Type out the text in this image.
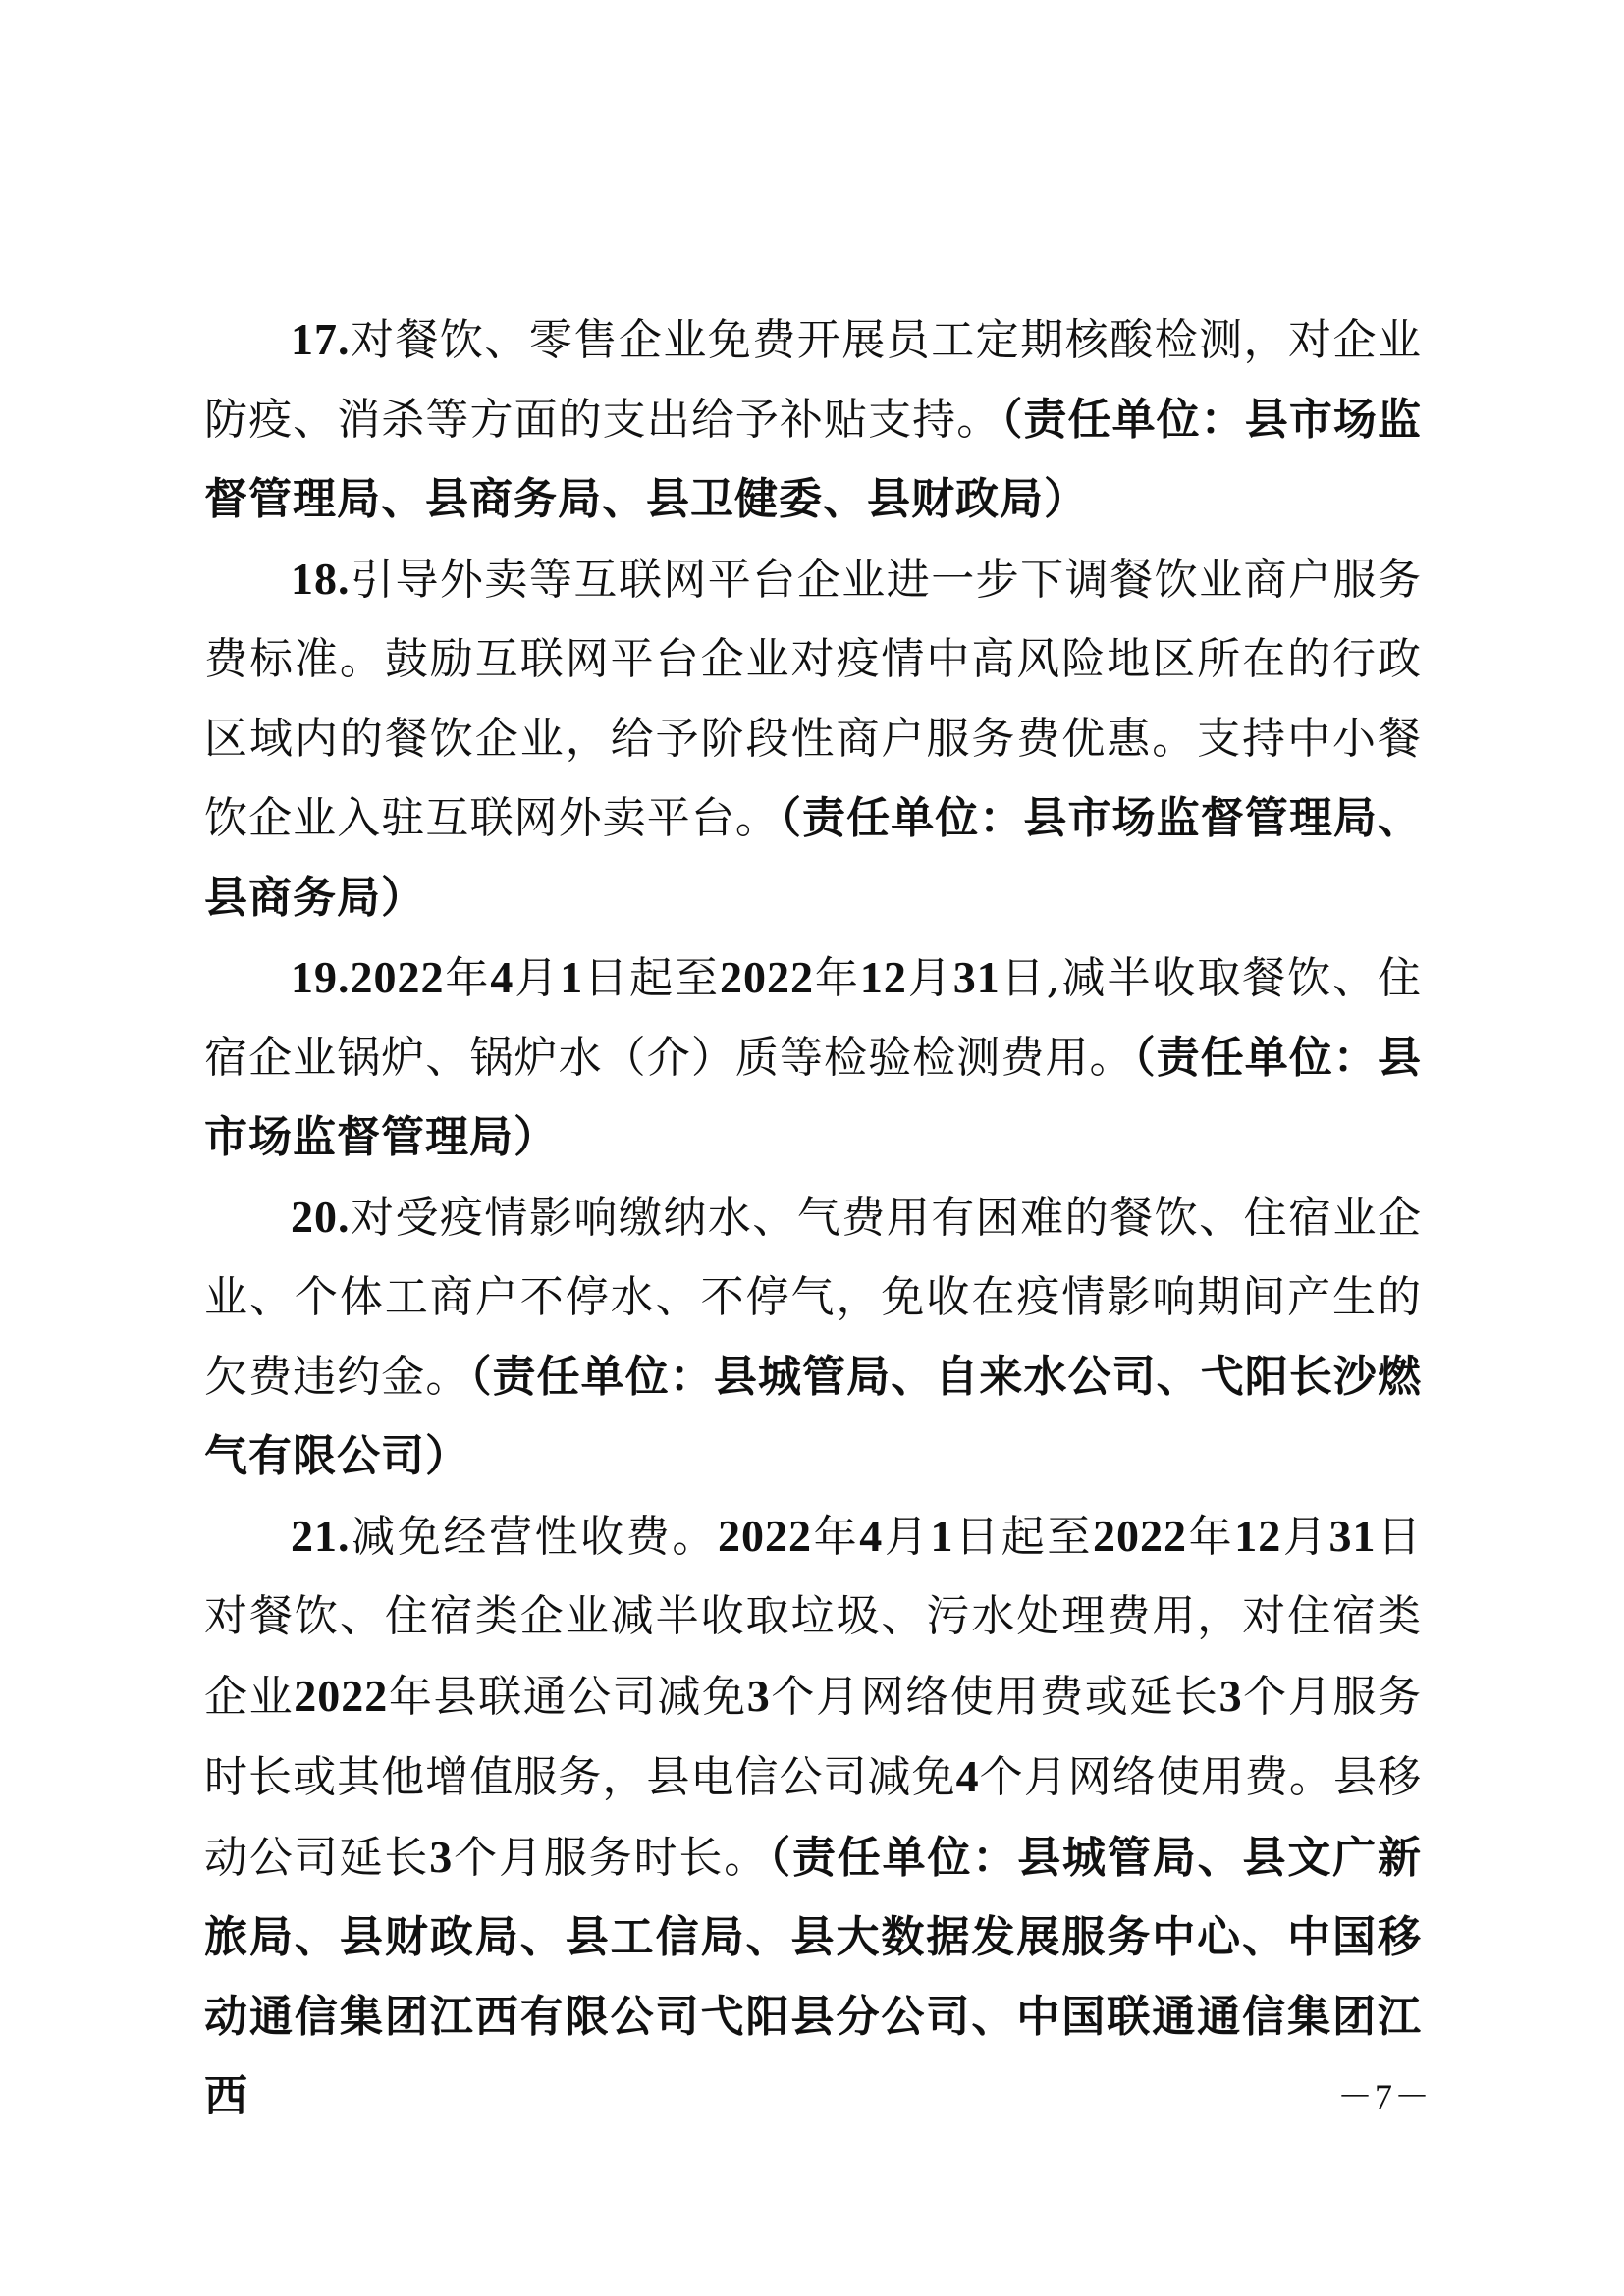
17.对餐饮、零售企业免费开展员工定期核酸检测，对企业防疫、消杀等方面的支出给予补贴支持。（责任单位：县市场监督管理局、县商务局、县卫健委、县财政局）

18.引导外卖等互联网平台企业进一步下调餐饮业商户服务费标准。鼓励互联网平台企业对疫情中高风险地区所在的行政区域内的餐饮企业，给予阶段性商户服务费优惠。支持中小餐饮企业入驻互联网外卖平台。（责任单位：县市场监督管理局、县商务局）

19.2022年4月1日起至2022年12月31日,减半收取餐饮、住宿企业锅炉、锅炉水（介）质等检验检测费用。（责任单位：县市场监督管理局）

20.对受疫情影响缴纳水、气费用有困难的餐饮、住宿业企业、个体工商户不停水、不停气，免收在疫情影响期间产生的欠费违约金。（责任单位：县城管局、自来水公司、弋阳长沙燃气有限公司）

21.减免经营性收费。2022年4月1日起至2022年12月31日对餐饮、住宿类企业减半收取垃圾、污水处理费用，对住宿类企业2022年县联通公司减免3个月网络使用费或延长3个月服务时长或其他增值服务，县电信公司减免4个月网络使用费。县移动公司延长3个月服务时长。（责任单位：县城管局、县文广新旅局、县财政局、县工信局、县大数据发展服务中心、中国移动通信集团江西有限公司弋阳县分公司、中国联通通信集团江西	－7－
